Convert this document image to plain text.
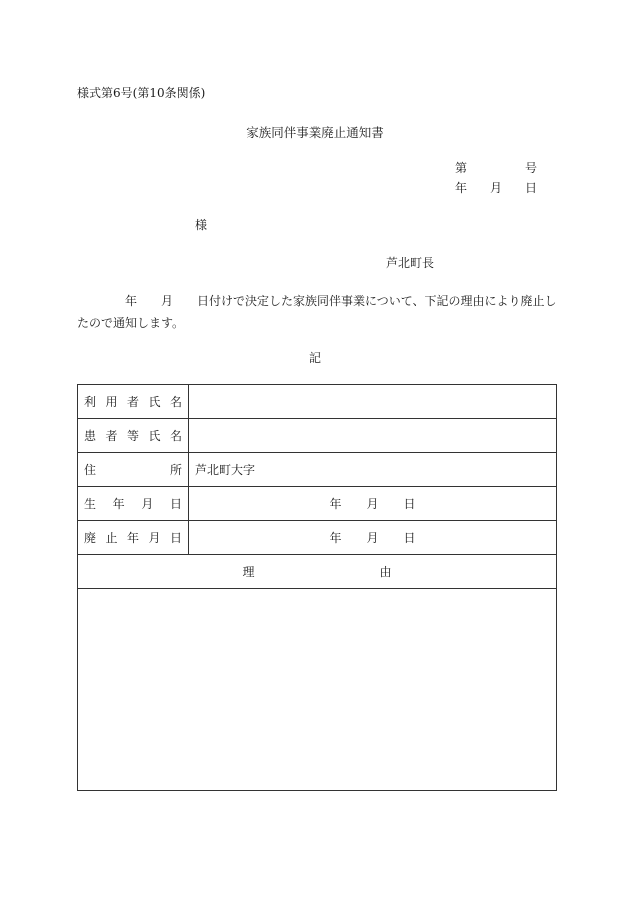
様式第6号(第10条関係)
家族同伴事業廃止通知書
第	号
年 月 日
様
芦北町長
年 月 日付けで決定した家族同伴事業について、下記の理由により廃止したので通知します。
記
利 用 者 氏 名	

患 者 等 氏 名	

住 所	芦北町大字

生 年 月 日	年 月 日

廃 止 年 月 日	年 月 日

理 由	
